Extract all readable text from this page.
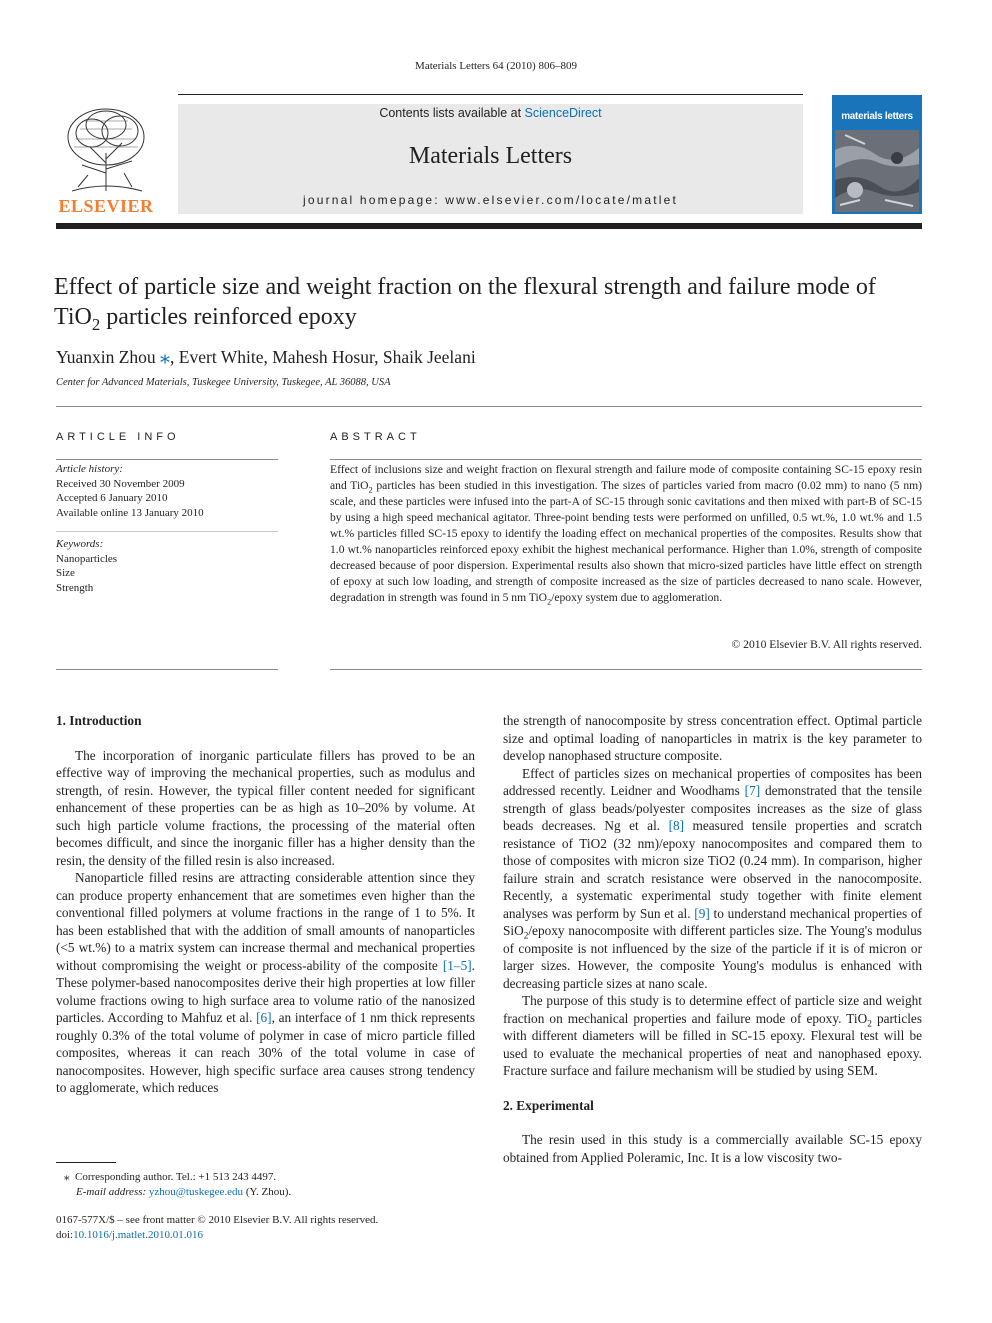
Materials Letters 64 (2010) 806–809
ELSEVIER
Contents lists available at ScienceDirect
Materials Letters
journal homepage: www.elsevier.com/locate/matlet
materials letters
Effect of particle size and weight fraction on the flexural strength and failure mode of
TiO$_2$ particles reinforced epoxy
Yuanxin Zhou ⁎, Evert White, Mahesh Hosur, Shaik Jeelani
Center for Advanced Materials, Tuskegee University, Tuskegee, AL 36088, USA
ARTICLE INFO
Article history:
Received 30 November 2009
Accepted 6 January 2010
Available online 13 January 2010
Keywords:
Nanoparticles
Size
Strength
ABSTRACT
Effect of inclusions size and weight fraction on flexural strength and failure mode of composite containing SC-15 epoxy resin and TiO$_2$ particles has been studied in this investigation. The sizes of particles varied from macro (0.02 mm) to nano (5 nm) scale, and these particles were infused into the part-A of SC-15 through sonic cavitations and then mixed with part-B of SC-15 by using a high speed mechanical agitator. Three-point bending tests were performed on unfilled, 0.5 wt.%, 1.0 wt.% and 1.5 wt.% particles filled SC-15 epoxy to identify the loading effect on mechanical properties of the composites. Results show that 1.0 wt.% nanoparticles reinforced epoxy exhibit the highest mechanical performance. Higher than 1.0%, strength of composite decreased because of poor dispersion. Experimental results also shown that micro-sized particles have little effect on strength of epoxy at such low loading, and strength of composite increased as the size of particles decreased to nano scale. However, degradation in strength was found in 5 nm TiO$_2$/epoxy system due to agglomeration.
© 2010 Elsevier B.V. All rights reserved.
1. Introduction

The incorporation of inorganic particulate fillers has proved to be an effective way of improving the mechanical properties, such as modulus and strength, of resin. However, the typical filler content needed for significant enhancement of these properties can be as high as 10–20% by volume. At such high particle volume fractions, the processing of the material often becomes difficult, and since the inorganic filler has a higher density than the resin, the density of the filled resin is also increased.

Nanoparticle filled resins are attracting considerable attention since they can produce property enhancement that are sometimes even higher than the conventional filled polymers at volume fractions in the range of 1 to 5%. It has been established that with the addition of small amounts of nanoparticles (<5 wt.%) to a matrix system can increase thermal and mechanical properties without compromising the weight or process-ability of the composite [1–5]. These polymer-based nanocomposites derive their high properties at low filler volume fractions owing to high surface area to volume ratio of the nanosized particles. According to Mahfuz et al. [6], an interface of 1 nm thick represents roughly 0.3% of the total volume of polymer in case of micro particle filled composites, whereas it can reach 30% of the total volume in case of nanocomposites. However, high specific surface area causes strong tendency to agglomerate, which reduces

the strength of nanocomposite by stress concentration effect. Optimal particle size and optimal loading of nanoparticles in matrix is the key parameter to develop nanophased structure composite.

Effect of particles sizes on mechanical properties of composites has been addressed recently. Leidner and Woodhams [7] demonstrated that the tensile strength of glass beads/polyester composites increases as the size of glass beads decreases. Ng et al. [8] measured tensile properties and scratch resistance of TiO2 (32 nm)/epoxy nanocomposites and compared them to those of composites with micron size TiO2 (0.24 mm). In comparison, higher failure strain and scratch resistance were observed in the nanocomposite. Recently, a systematic experimental study together with finite element analyses was perform by Sun et al. [9] to understand mechanical properties of SiO$_2$/epoxy nanocomposite with different particles size. The Young's modulus of composite is not influenced by the size of the particle if it is of micron or larger sizes. However, the composite Young's modulus is enhanced with decreasing particle sizes at nano scale.

The purpose of this study is to determine effect of particle size and weight fraction on mechanical properties and failure mode of epoxy. TiO$_2$ particles with different diameters will be filled in SC-15 epoxy. Flexural test will be used to evaluate the mechanical properties of neat and nanophased epoxy. Fracture surface and failure mechanism will be studied by using SEM.

2. Experimental

The resin used in this study is a commercially available SC-15 epoxy obtained from Applied Poleramic, Inc. It is a low viscosity two-

⁎ Corresponding author. Tel.: +1 513 243 4497.
E-mail address: yzhou@tuskegee.edu (Y. Zhou).
0167-577X/$ – see front matter © 2010 Elsevier B.V. All rights reserved.
doi:10.1016/j.matlet.2010.01.016
